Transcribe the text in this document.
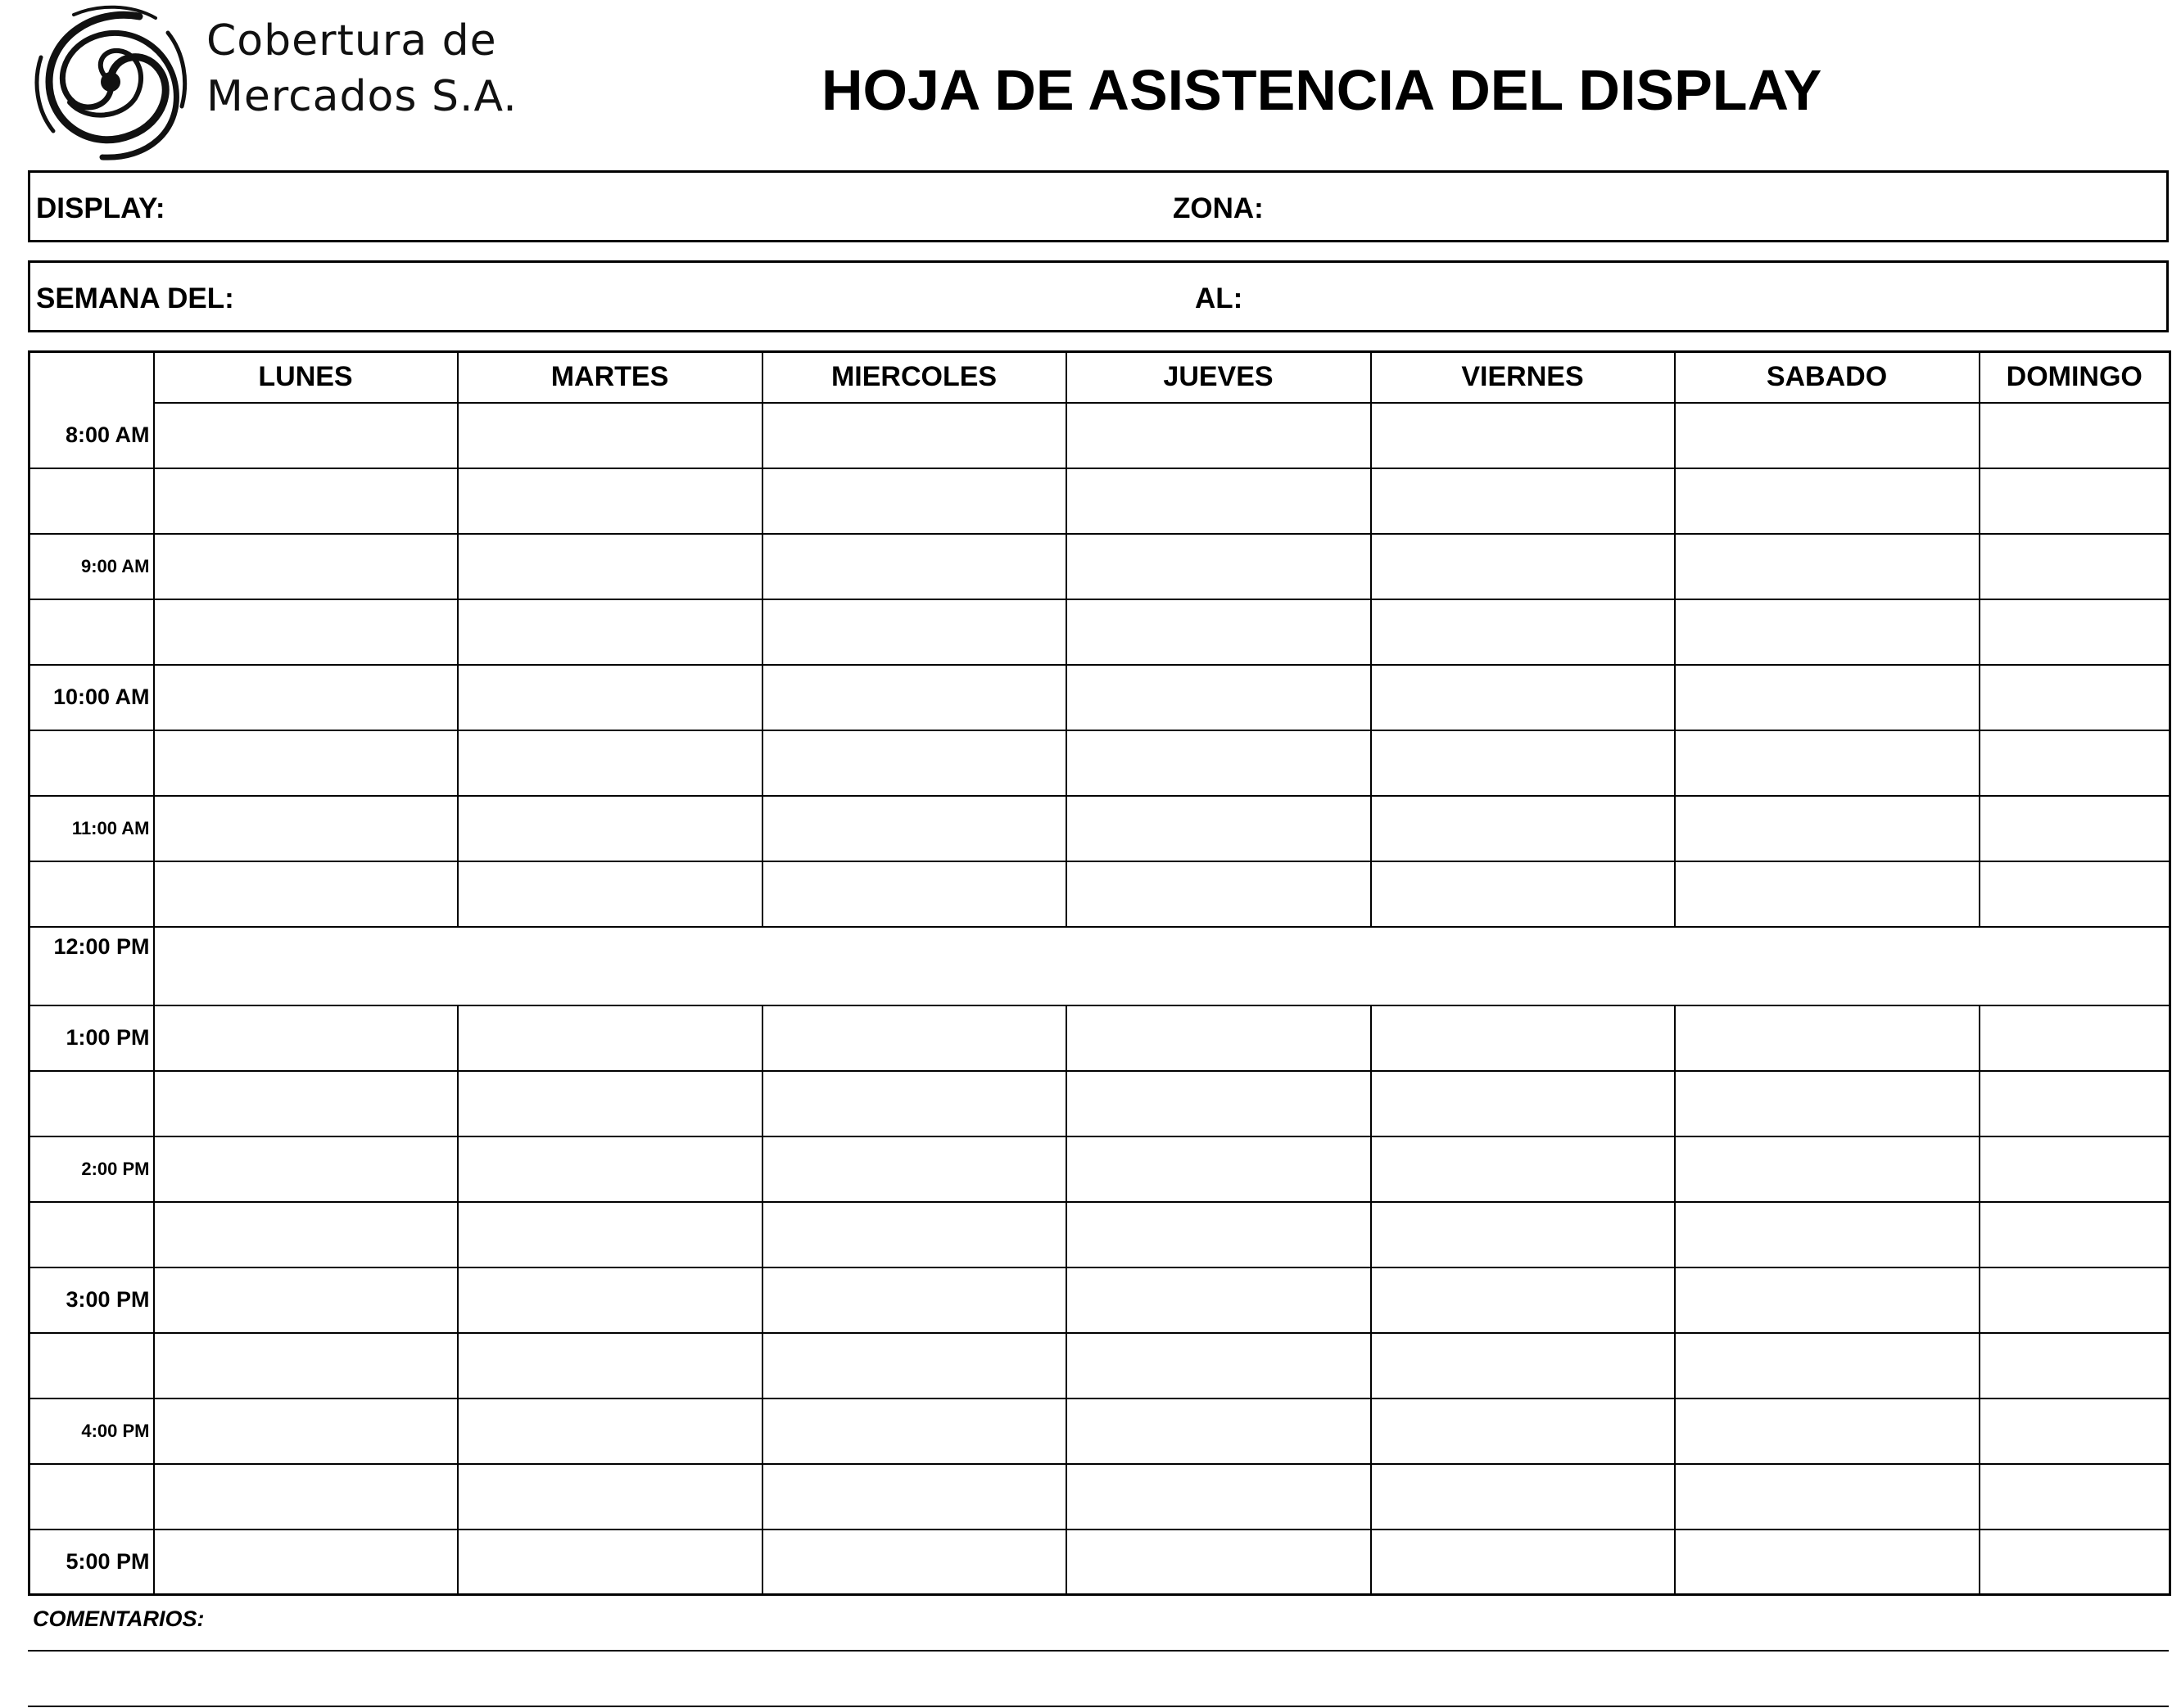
Cobertura de
Mercados S.A.	HOJA DE ASISTENCIA DEL DISPLAY
DISPLAY:	ZONA:
SEMANA DEL:	AL:
	LUNES	MARTES	MIERCOLES	JUEVES	VIERNES	SABADO	DOMINGO
8:00 AM							

9:00 AM							

10:00 AM							

11:00 AM							

12:00 PM							
1:00 PM							

2:00 PM							

3:00 PM							

4:00 PM							

5:00 PM							
COMENTARIOS:
